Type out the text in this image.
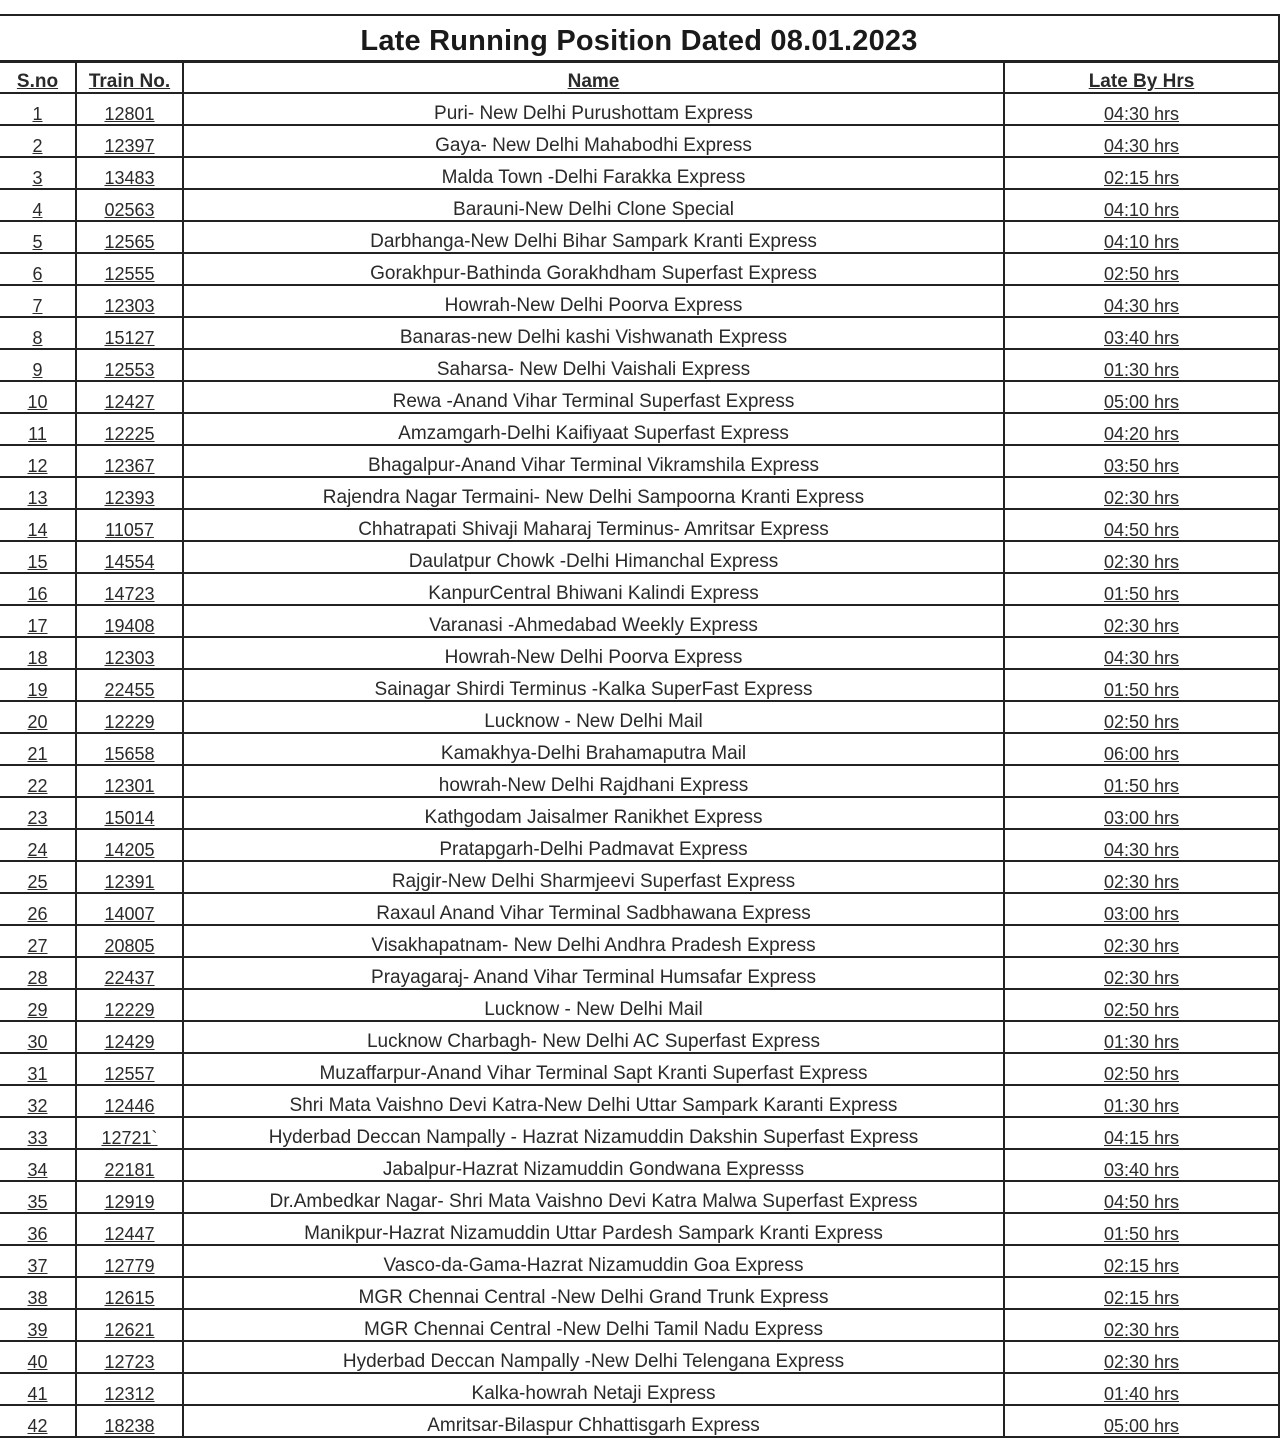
Late Running Position Dated 08.01.2023
S.no	Train No.	Name	Late By Hrs
1	12801	Puri- New Delhi Purushottam Express	04:30 hrs
2	12397	Gaya- New Delhi Mahabodhi Express	04:30 hrs
3	13483	Malda Town -Delhi Farakka Express	02:15 hrs
4	02563	Barauni-New Delhi Clone Special	04:10 hrs
5	12565	Darbhanga-New Delhi Bihar Sampark Kranti Express	04:10 hrs
6	12555	Gorakhpur-Bathinda Gorakhdham Superfast Express	02:50 hrs
7	12303	Howrah-New Delhi Poorva Express	04:30 hrs
8	15127	Banaras-new Delhi kashi Vishwanath Express	03:40 hrs
9	12553	Saharsa- New Delhi Vaishali Express	01:30 hrs
10	12427	Rewa -Anand Vihar Terminal Superfast Express	05:00 hrs
11	12225	Amzamgarh-Delhi Kaifiyaat Superfast Express	04:20 hrs
12	12367	Bhagalpur-Anand Vihar Terminal Vikramshila Express	03:50 hrs
13	12393	Rajendra Nagar Termaini- New Delhi Sampoorna Kranti Express	02:30 hrs
14	11057	Chhatrapati Shivaji Maharaj Terminus- Amritsar Express	04:50 hrs
15	14554	Daulatpur Chowk -Delhi Himanchal Express	02:30 hrs
16	14723	KanpurCentral Bhiwani Kalindi Express	01:50 hrs
17	19408	Varanasi -Ahmedabad Weekly Express	02:30 hrs
18	12303	Howrah-New Delhi Poorva Express	04:30 hrs
19	22455	Sainagar Shirdi Terminus -Kalka SuperFast Express	01:50 hrs
20	12229	Lucknow - New Delhi Mail	02:50 hrs
21	15658	Kamakhya-Delhi Brahamaputra Mail	06:00 hrs
22	12301	howrah-New Delhi Rajdhani Express	01:50 hrs
23	15014	Kathgodam Jaisalmer Ranikhet Express	03:00 hrs
24	14205	Pratapgarh-Delhi Padmavat Express	04:30 hrs
25	12391	Rajgir-New Delhi Sharmjeevi Superfast Express	02:30 hrs
26	14007	Raxaul Anand Vihar Terminal Sadbhawana Express	03:00 hrs
27	20805	Visakhapatnam- New Delhi Andhra Pradesh Express	02:30 hrs
28	22437	Prayagaraj- Anand Vihar Terminal Humsafar Express	02:30 hrs
29	12229	Lucknow - New Delhi Mail	02:50 hrs
30	12429	Lucknow Charbagh- New Delhi AC Superfast Express	01:30 hrs
31	12557	Muzaffarpur-Anand Vihar Terminal Sapt Kranti Superfast Express	02:50 hrs
32	12446	Shri Mata Vaishno Devi Katra-New Delhi Uttar Sampark Karanti Express	01:30 hrs
33	12721`	Hyderbad Deccan Nampally - Hazrat Nizamuddin Dakshin Superfast Express	04:15 hrs
34	22181	Jabalpur-Hazrat Nizamuddin Gondwana Expresss	03:40 hrs
35	12919	Dr.Ambedkar Nagar- Shri Mata Vaishno Devi Katra Malwa Superfast Express	04:50 hrs
36	12447	Manikpur-Hazrat Nizamuddin Uttar Pardesh Sampark Kranti Express	01:50 hrs
37	12779	Vasco-da-Gama-Hazrat Nizamuddin Goa Express	02:15 hrs
38	12615	MGR Chennai Central -New Delhi Grand Trunk Express	02:15 hrs
39	12621	MGR Chennai Central -New Delhi Tamil Nadu Express	02:30 hrs
40	12723	Hyderbad Deccan Nampally -New Delhi Telengana Express	02:30 hrs
41	12312	Kalka-howrah Netaji Express	01:40 hrs
42	18238	Amritsar-Bilaspur Chhattisgarh Express	05:00 hrs
